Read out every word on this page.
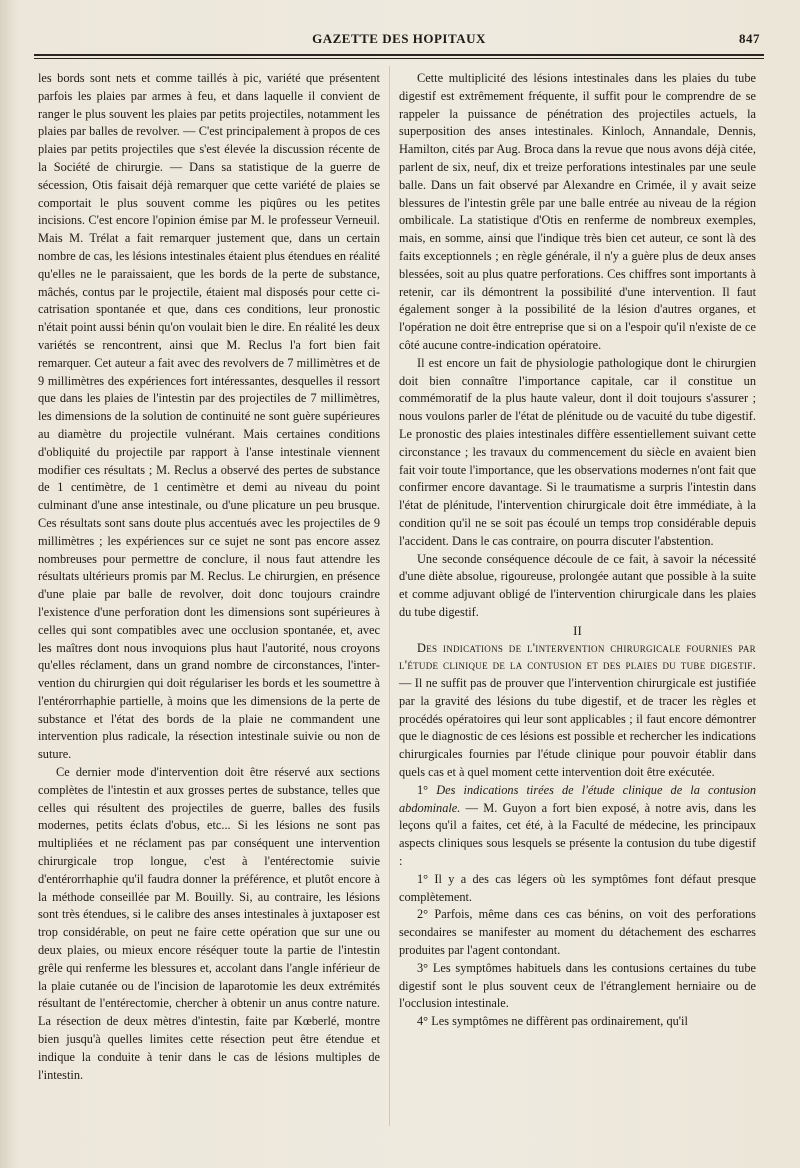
GAZETTE DES HOPITAUX	847

les bords sont nets et comme taillés à pic, variété que présentent parfois les plaies par armes à feu, et dans laquelle il convient de ranger le plus souvent les plaies par petits projectiles, notamment les plaies par balles de revolver. — C'est principalement à propos de ces plaies par petits projectiles que s'est élevée la discussion récente de la Société de chirurgie. — Dans sa statistique de la guerre de sécession, Otis faisait déjà remarquer que cette variété de plaies se comportait le plus souvent comme les piqûres ou les petites incisions. C'est encore l'opinion émise par M. le professeur Verneuil. Mais M. Trélat a fait remarquer justement que, dans un certain nombre de cas, les lésions intestinales étaient plus étendues en réalité qu'elles ne le paraissaient, que les bords de la perte de substance, mâchés, contus par le projectile, étaient mal disposés pour cette cicatrisation spontanée et que, dans ces conditions, leur pronostic n'était point aussi bénin qu'on voulait bien le dire. En réalité les deux variétés se rencontrent, ainsi que M. Reclus l'a fort bien fait remarquer. Cet auteur a fait avec des revolvers de 7 millimètres et de 9 millimètres des expériences fort intéressantes, desquelles il ressort que dans les plaies de l'intestin par des projectiles de 7 millimètres, les dimensions de la solution de continuité ne sont guère supérieures au diamètre du projectile vulnérant. Mais certaines conditions d'obliquité du projectile par rapport à l'anse intestinale viennent modifier ces résultats ; M. Reclus a observé des pertes de substance de 1 centimètre, de 1 centimètre et demi au niveau du point culminant d'une anse intestinale, ou d'une plicature un peu brusque. Ces résultats sont sans doute plus accentués avec les projectiles de 9 millimètres ; les expériences sur ce sujet ne sont pas encore assez nombreuses pour permettre de conclure, il nous faut attendre les résultats ultérieurs promis par M. Reclus. Le chirurgien, en présence d'une plaie par balle de revolver, doit donc toujours craindre l'existence d'une perforation dont les dimensions sont supérieures à celles qui sont compatibles avec une occlusion spontanée, et, avec les maîtres dont nous invoquions plus haut l'autorité, nous croyons qu'elles réclament, dans un grand nombre de circonstances, l'intervention du chirurgien qui doit régulariser les bords et les soumettre à l'entérorrhaphie partielle, à moins que les dimensions de la perte de substance et l'état des bords de la plaie ne commandent une intervention plus radicale, la résection intestinale suivie ou non de suture.

Ce dernier mode d'intervention doit être réservé aux sections complètes de l'intestin et aux grosses pertes de substance, telles que celles qui résultent des projectiles de guerre, balles des fusils modernes, petits éclats d'obus, etc... Si les lésions ne sont pas multipliées et ne réclament pas par conséquent une intervention chirurgicale trop longue, c'est à l'entérectomie suivie d'entérorrhaphie qu'il faudra donner la préférence, et plutôt encore à la méthode conseillée par M. Bouilly. Si, au contraire, les lésions sont très étendues, si le calibre des anses intestinales à juxtaposer est trop considérable, on peut ne faire cette opération que sur une ou deux plaies, ou mieux encore réséquer toute la partie de l'intestin grêle qui renferme les blessures et, accolant dans l'angle inférieur de la plaie cutanée ou de l'incision de laparotomie les deux extrémités résultant de l'entérectomie, chercher à obtenir un anus contre nature. La résection de deux mètres d'intestin, faite par Kœberlé, montre bien jusqu'à quelles limites cette résection peut être étendue et indique la conduite à tenir dans le cas de lésions multiples de l'intestin.

Cette multiplicité des lésions intestinales dans les plaies du tube digestif est extrêmement fréquente, il suffit pour le comprendre de se rappeler la puissance de pénétration des projectiles actuels, la superposition des anses intestinales. Kinloch, Annandale, Dennis, Hamilton, cités par Aug. Broca dans la revue que nous avons déjà citée, parlent de six, neuf, dix et treize perforations intestinales par une seule balle. Dans un fait observé par Alexandre en Crimée, il y avait seize blessures de l'intestin grêle par une balle entrée au niveau de la région ombilicale. La statistique d'Otis en renferme de nombreux exemples, mais, en somme, ainsi que l'indique très bien cet auteur, ce sont là des faits exceptionnels ; en règle générale, il n'y a guère plus de deux anses blessées, soit au plus quatre perforations. Ces chiffres sont importants à retenir, car ils démontrent la possibilité d'une intervention. Il faut également songer à la possibilité de la lésion d'autres organes, et l'opération ne doit être entreprise que si on a l'espoir qu'il n'existe de ce côté aucune contre-indication opératoire.

Il est encore un fait de physiologie pathologique dont le chirurgien doit bien connaître l'importance capitale, car il constitue un commémoratif de la plus haute valeur, dont il doit toujours s'assurer ; nous voulons parler de l'état de plénitude ou de vacuité du tube digestif. Le pronostic des plaies intestinales diffère essentiellement suivant cette circonstance ; les travaux du commencement du siècle en avaient bien fait voir toute l'importance, que les observations modernes n'ont fait que confirmer encore davantage. Si le traumatisme a surpris l'intestin dans l'état de plénitude, l'intervention chirurgicale doit être immédiate, à la condition qu'il ne se soit pas écoulé un temps trop considérable depuis l'accident. Dans le cas contraire, on pourra discuter l'abstention.

Une seconde conséquence découle de ce fait, à savoir la nécessité d'une diète absolue, rigoureuse, prolongée autant que possible à la suite et comme adjuvant obligé de l'intervention chirurgicale dans les plaies du tube digestif.

II

Des indications de l'intervention chirurgicale fournies par l'étude clinique de la contusion et des plaies du tube digestif. — Il ne suffit pas de prouver que l'intervention chirurgicale est justifiée par la gravité des lésions du tube digestif, et de tracer les règles et procédés opératoires qui leur sont applicables ; il faut encore démontrer que le diagnostic de ces lésions est possible et rechercher les indications chirurgicales fournies par l'étude clinique pour pouvoir établir dans quels cas et à quel moment cette intervention doit être exécutée.

1° Des indications tirées de l'étude clinique de la contusion abdominale. — M. Guyon a fort bien exposé, à notre avis, dans les leçons qu'il a faites, cet été, à la Faculté de médecine, les principaux aspects cliniques sous lesquels se présente la contusion du tube digestif :

1° Il y a des cas légers où les symptômes font défaut presque complètement.

2° Parfois, même dans ces cas bénins, on voit des perforations secondaires se manifester au moment du détachement des escharres produites par l'agent contondant.

3° Les symptômes habituels dans les contusions certaines du tube digestif sont le plus souvent ceux de l'étranglement herniaire ou de l'occlusion intestinale.

4° Les symptômes ne diffèrent pas ordinairement, qu'il
